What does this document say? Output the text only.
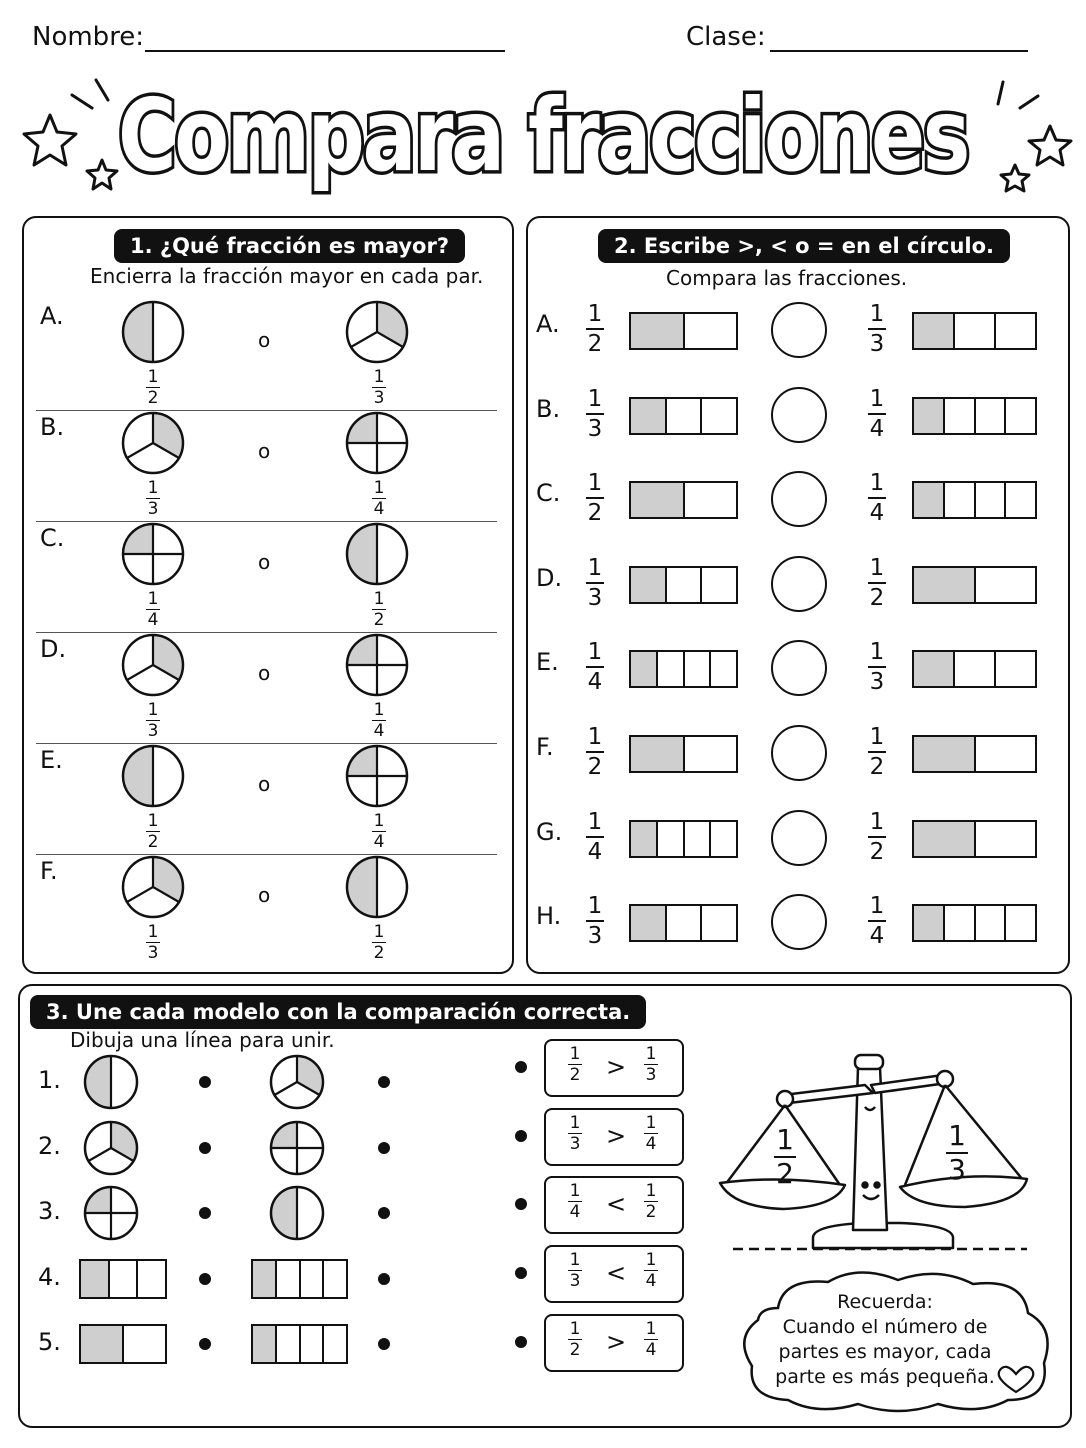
Nombre:	Clase:
Compara fracciones
1. ¿Qué fracción es mayor?
Encierra la fracción mayor en cada par.
A.
1
2
1
3
o
B.
1
3
1
4
o
C.
1
4
1
2
o
D.
1
3
1
4
o
E.
1
2
1
4
o
F.
1
3
1
2
o
2. Escribe >, < o = en el círculo.
Compara las fracciones.
A. 1
2
1
3
B. 1
3
1
4
C. 1
2
1
4
D. 1
3
1
2
E. 1
4
1
3
F. 1
2
1
2
G. 1
4
1
2
H. 1
3
1
4
3. Une cada modelo con la comparación correcta.
Dibuja una línea para unir.
1.
2.
3.
4.
5.
1
2 > 1
3
1
3 > 1
4
1
4 < 1
2
1
3 < 1
4
1
2 > 1
4
1
2
1
3
Recuerda:
Cuando el número de
partes es mayor, cada
parte es más pequeña.
